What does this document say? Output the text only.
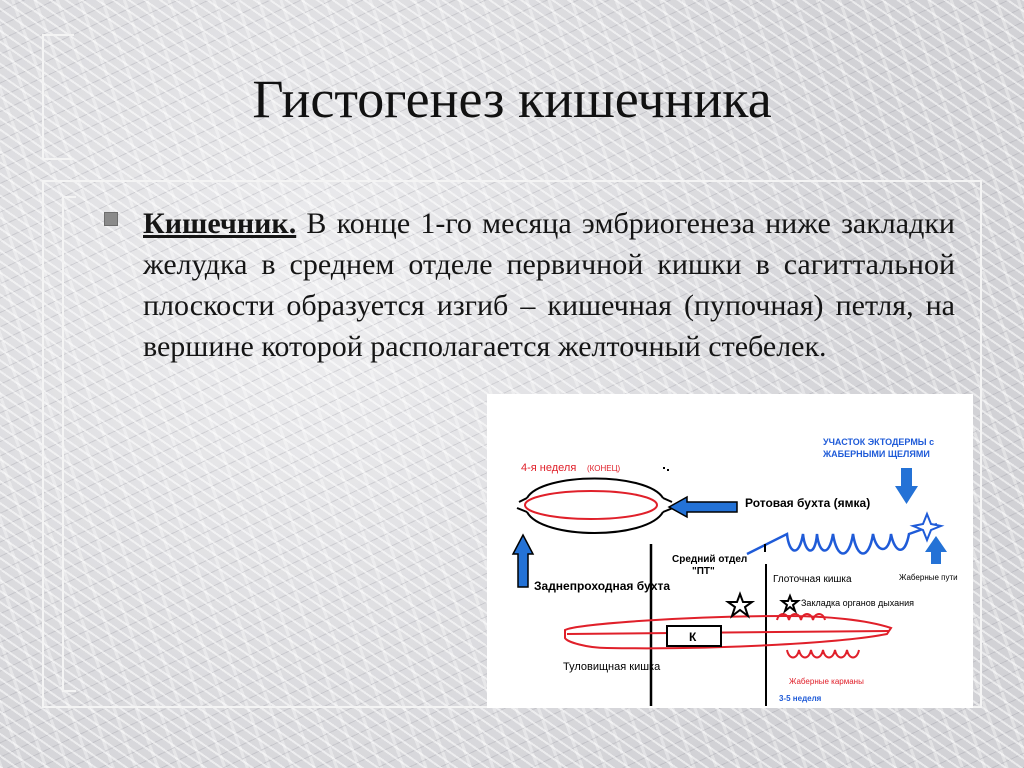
Гистогенез кишечника

Кишечник. В конце 1-го месяца эмбриогенеза ниже закладки желудка в среднем отделе первичной кишки в сагиттальной плоскости образуется изгиб – кишечная (пупочная) петля, на вершине которой располагается желточный стебелек.

К
4-я неделя (КОНЕЦ)
УЧАСТОК ЭКТОДЕРМЫ с
ЖАБЕРНЫМИ ЩЕЛЯМИ
Ротовая бухта (ямка)
Средний отдел
"ПТ"
Заднепроходная бухта	Глоточная кишка	Жаберные пути
Закладка органов дыхания
Туловищная кишка
Жаберные карманы
3-5 неделя
